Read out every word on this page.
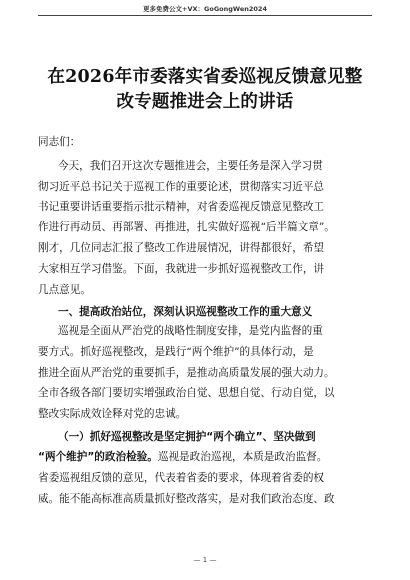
更多免费公文+VX：GoGongWen2024
在2026年市委落实省委巡视反馈意见整
改专题推进会上的讲话
同志们：
今天，我们召开这次专题推进会，主要任务是深入学习贯
彻习近平总书记关于巡视工作的重要论述，贯彻落实习近平总
书记重要讲话重要指示批示精神，对省委巡视反馈意见整改工
作进行再动员、再部署、再推进，扎实做好巡视“后半篇文章”。
刚才，几位同志汇报了整改工作进展情况，讲得都很好，希望
大家相互学习借鉴。下面，我就进一步抓好巡视整改工作，讲
几点意见。
一、提高政治站位，深刻认识巡视整改工作的重大意义
巡视是全面从严治党的战略性制度安排，是党内监督的重
要方式。抓好巡视整改，是践行“两个维护”的具体行动，是
推进全面从严治党的重要抓手，是推动高质量发展的强大动力。
全市各级各部门要切实增强政治自觉、思想自觉、行动自觉，以
整改实际成效诠释对党的忠诚。
（一）抓好巡视整改是坚定拥护“两个确立”、坚决做到
“两个维护”的政治检验。巡视是政治巡视，本质是政治监督。
省委巡视组反馈的意见，代表着省委的要求，体现着省委的权
威。能不能高标准高质量抓好整改落实，是对我们政治态度、政
— 1 —
